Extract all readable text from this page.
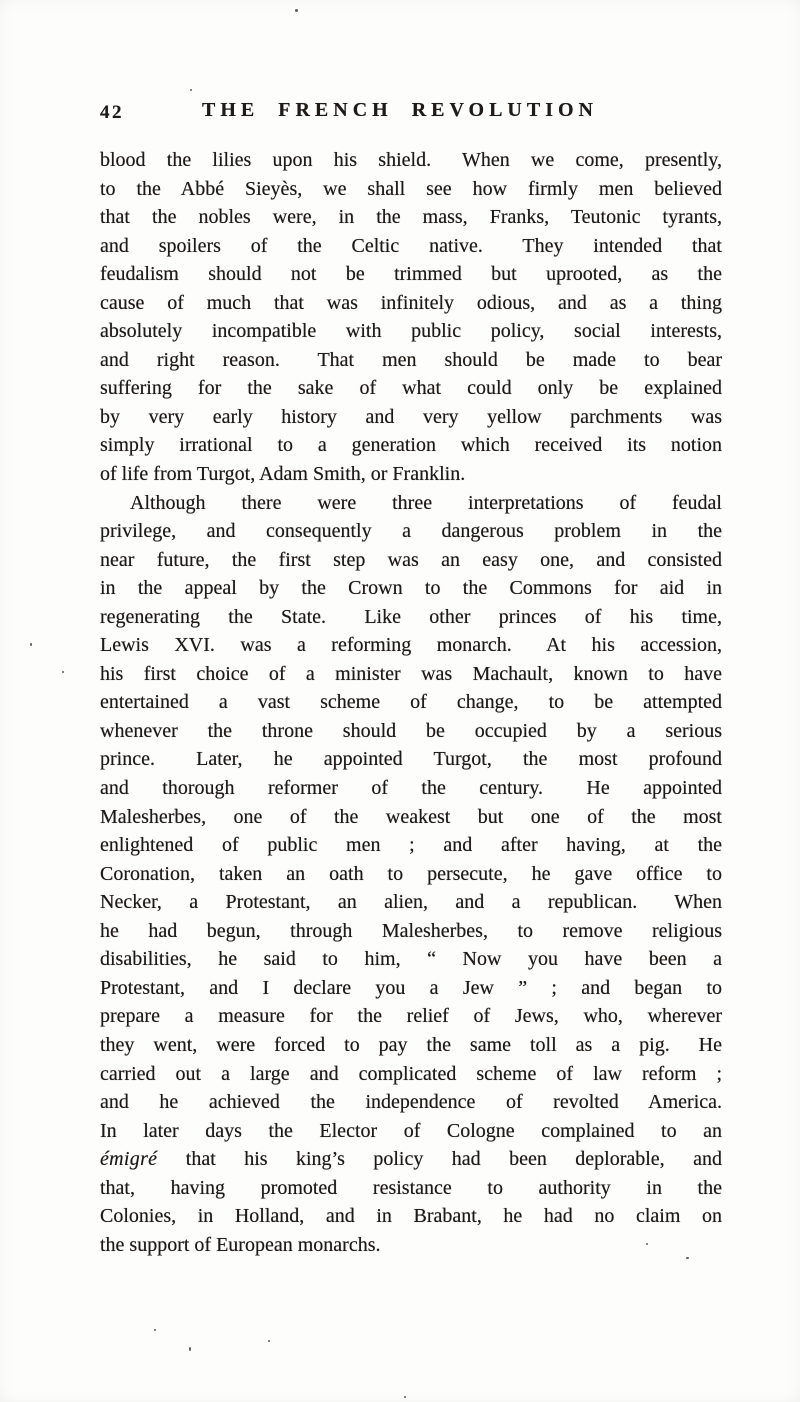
42	THE FRENCH REVOLUTION

blood the lilies upon his shield.  When we come, presently,
to the Abbé Sieyès, we shall see how firmly men believed
that the nobles were, in the mass, Franks, Teutonic tyrants,
and spoilers of the Celtic native.  They intended that
feudalism should not be trimmed but uprooted, as the
cause of much that was infinitely odious, and as a thing
absolutely incompatible with public policy, social interests,
and right reason.  That men should be made to bear
suffering for the sake of what could only be explained
by very early history and very yellow parchments was
simply irrational to a generation which received its notion
of life from Turgot, Adam Smith, or Franklin.

Although there were three interpretations of feudal
privilege, and consequently a dangerous problem in the
near future, the first step was an easy one, and consisted
in the appeal by the Crown to the Commons for aid in
regenerating the State.  Like other princes of his time,
Lewis XVI. was a reforming monarch.  At his accession,
his first choice of a minister was Machault, known to have
entertained a vast scheme of change, to be attempted
whenever the throne should be occupied by a serious
prince.  Later, he appointed Turgot, the most profound
and thorough reformer of the century.  He appointed
Malesherbes, one of the weakest but one of the most
enlightened of public men ; and after having, at the
Coronation, taken an oath to persecute, he gave office to
Necker, a Protestant, an alien, and a republican.  When
he had begun, through Malesherbes, to remove religious
disabilities, he said to him, “ Now you have been a
Protestant, and I declare you a Jew ” ; and began to
prepare a measure for the relief of Jews, who, wherever
they went, were forced to pay the same toll as a pig.  He
carried out a large and complicated scheme of law reform ;
and he achieved the independence of revolted America.
In later days the Elector of Cologne complained to an
émigré that his king’s policy had been deplorable, and
that, having promoted resistance to authority in the
Colonies, in Holland, and in Brabant, he had no claim on
the support of European monarchs.
